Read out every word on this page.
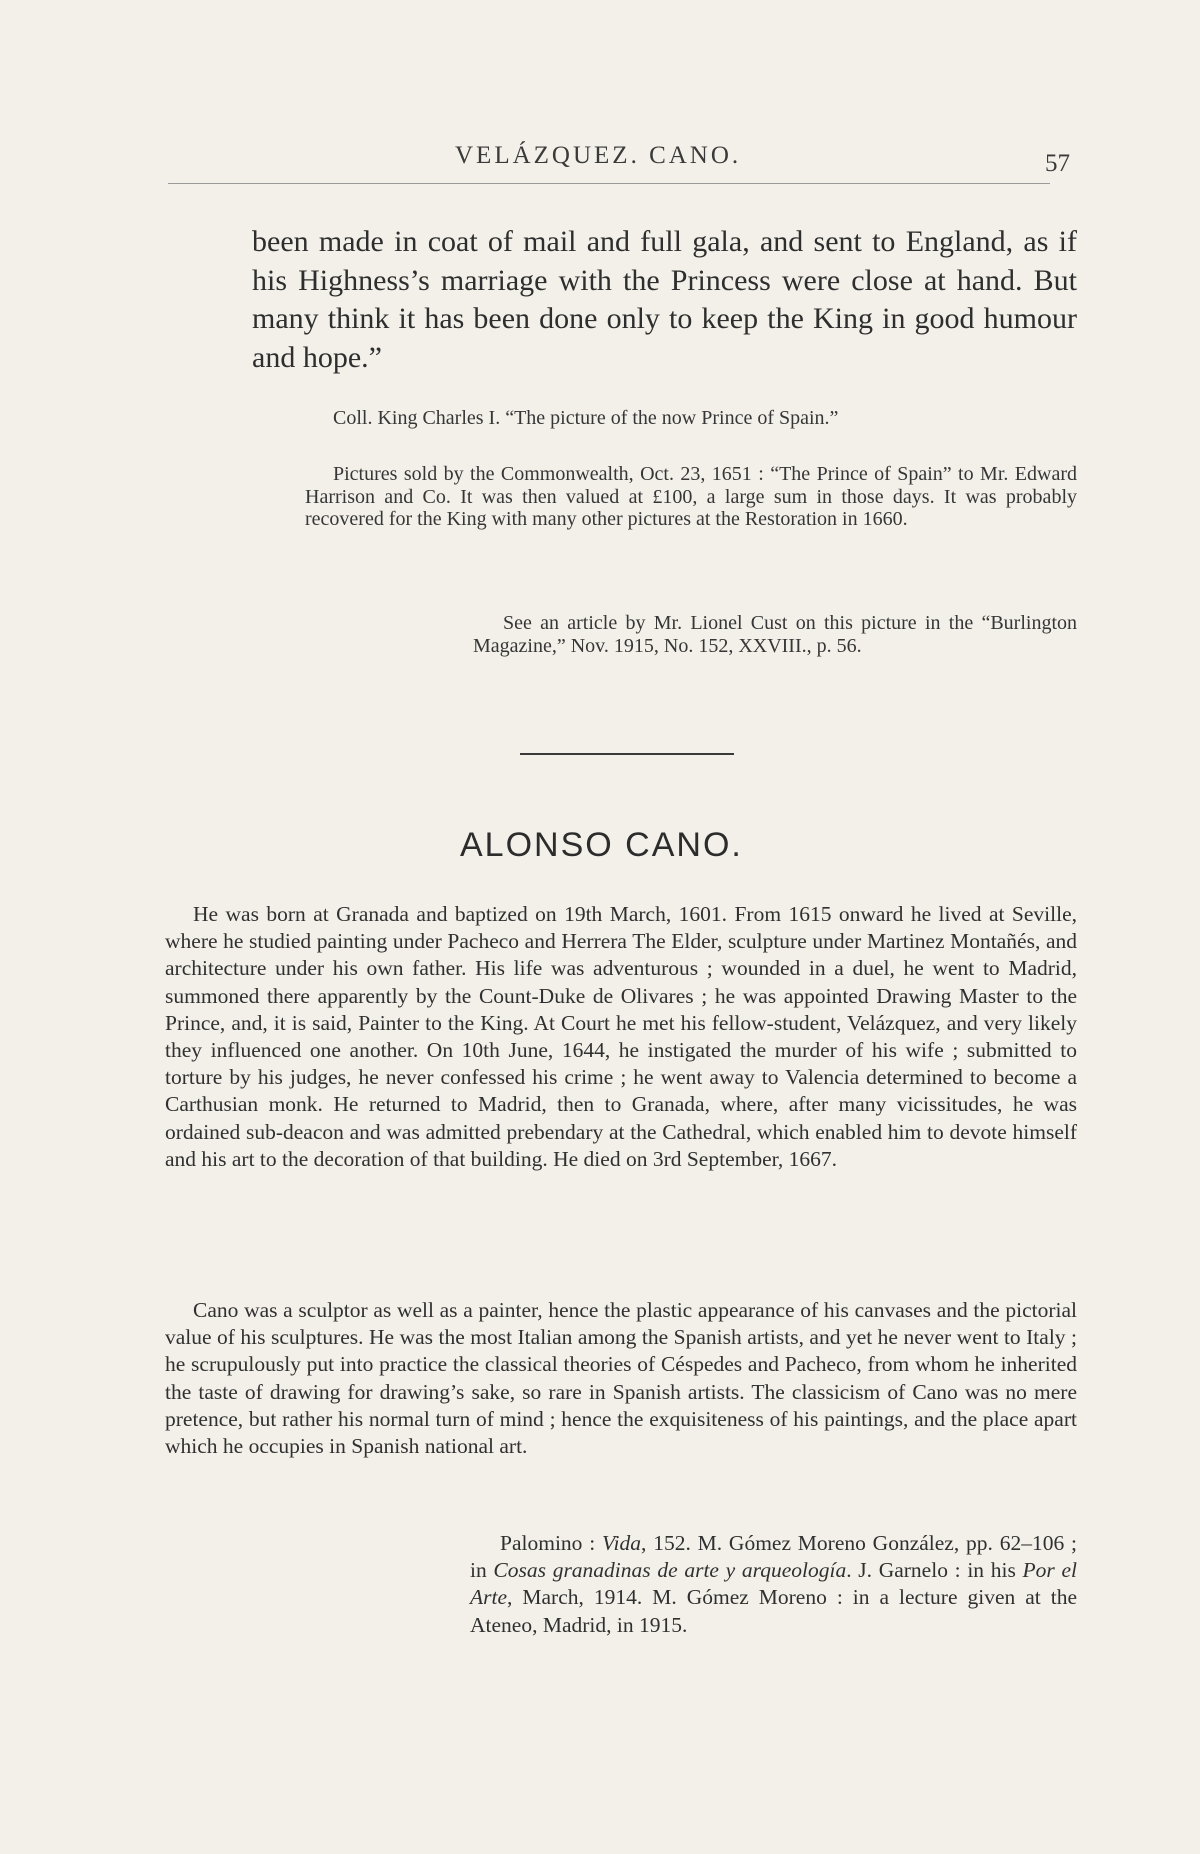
VELÁZQUEZ. CANO.	57
been made in coat of mail and full gala, and sent to England, as if his Highness’s marriage with the Princess were close at hand. But many think it has been done only to keep the King in good humour and hope.”

Coll. King Charles I. “The picture of the now Prince of Spain.”

Pictures sold by the Commonwealth, Oct. 23, 1651 : “The Prince of Spain” to Mr. Edward Harrison and Co. It was then valued at £100, a large sum in those days. It was probably recovered for the King with many other pictures at the Restoration in 1660.

See an article by Mr. Lionel Cust on this picture in the “Burlington Magazine,” Nov. 1915, No. 152, XXVIII., p. 56.
ALONSO CANO.

He was born at Granada and baptized on 19th March, 1601. From 1615 onward he lived at Seville, where he studied painting under Pacheco and Herrera The Elder, sculpture under Martinez Montañés, and architecture under his own father. His life was adventurous ; wounded in a duel, he went to Madrid, summoned there apparently by the Count-Duke de Olivares ; he was appointed Drawing Master to the Prince, and, it is said, Painter to the King. At Court he met his fellow-student, Velázquez, and very likely they influenced one another. On 10th June, 1644, he instigated the murder of his wife ; submitted to torture by his judges, he never confessed his crime ; he went away to Valencia determined to become a Carthusian monk. He returned to Madrid, then to Granada, where, after many vicissitudes, he was ordained sub-deacon and was admitted prebendary at the Cathedral, which enabled him to devote himself and his art to the decoration of that building. He died on 3rd September, 1667.

Cano was a sculptor as well as a painter, hence the plastic appearance of his canvases and the pictorial value of his sculptures. He was the most Italian among the Spanish artists, and yet he never went to Italy ; he scrupulously put into practice the classical theories of Céspedes and Pacheco, from whom he inherited the taste of drawing for drawing’s sake, so rare in Spanish artists. The classicism of Cano was no mere pretence, but rather his normal turn of mind ; hence the exquisiteness of his paintings, and the place apart which he occupies in Spanish national art.

Palomino : Vida, 152. M. Gómez Moreno González, pp. 62–106 ; in Cosas granadinas de arte y arqueología. J. Garnelo : in his Por el Arte, March, 1914. M. Gómez Moreno : in a lecture given at the Ateneo, Madrid, in 1915.
